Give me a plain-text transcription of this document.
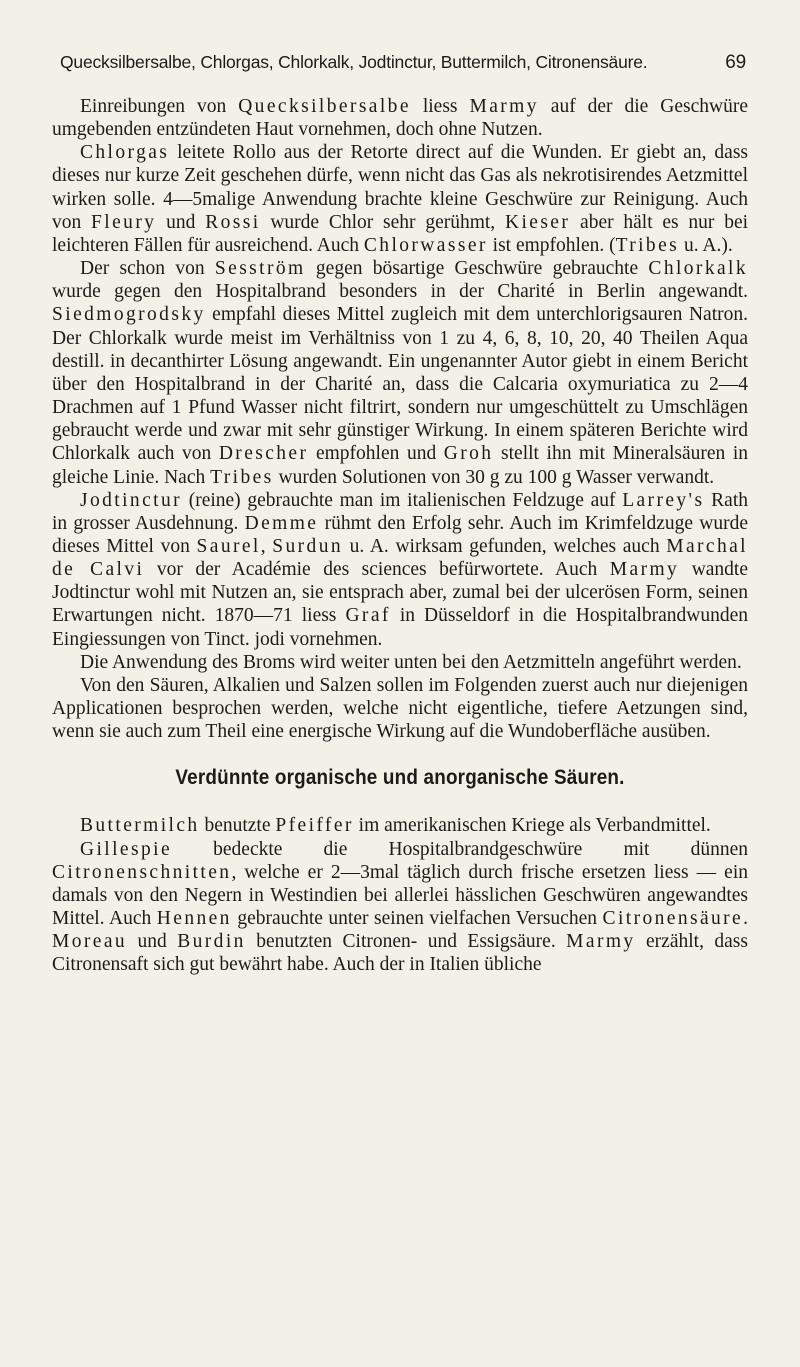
Quecksilbersalbe, Chlorgas, Chlorkalk, Jodtinctur, Buttermilch, Citronensäure.	69

Einreibungen von Quecksilbersalbe liess Marmy auf der die Geschwüre umgebenden entzündeten Haut vornehmen, doch ohne Nutzen.

Chlorgas leitete Rollo aus der Retorte direct auf die Wunden. Er giebt an, dass dieses nur kurze Zeit geschehen dürfe, wenn nicht das Gas als nekrotisirendes Aetzmittel wirken solle. 4—5malige Anwendung brachte kleine Geschwüre zur Reinigung. Auch von Fleury und Rossi wurde Chlor sehr gerühmt, Kieser aber hält es nur bei leichteren Fällen für ausreichend. Auch Chlorwasser ist empfohlen. (Tribes u. A.).

Der schon von Sesström gegen bösartige Geschwüre gebrauchte Chlorkalk wurde gegen den Hospitalbrand besonders in der Charité in Berlin angewandt. Siedmogrodsky empfahl dieses Mittel zugleich mit dem unterchlorigsauren Natron. Der Chlorkalk wurde meist im Verhältniss von 1 zu 4, 6, 8, 10, 20, 40 Theilen Aqua destill. in decanthirter Lösung angewandt. Ein ungenannter Autor giebt in einem Bericht über den Hospitalbrand in der Charité an, dass die Calcaria oxymuriatica zu 2—4 Drachmen auf 1 Pfund Wasser nicht filtrirt, sondern nur umgeschüttelt zu Umschlägen gebraucht werde und zwar mit sehr günstiger Wirkung. In einem späteren Berichte wird Chlorkalk auch von Drescher empfohlen und Groh stellt ihn mit Mineralsäuren in gleiche Linie. Nach Tribes wurden Solutionen von 30 g zu 100 g Wasser verwandt.

Jodtinctur (reine) gebrauchte man im italienischen Feldzuge auf Larrey's Rath in grosser Ausdehnung. Demme rühmt den Erfolg sehr. Auch im Krimfeldzuge wurde dieses Mittel von Saurel, Surdun u. A. wirksam gefunden, welches auch Marchal de Calvi vor der Académie des sciences befürwortete. Auch Marmy wandte Jodtinctur wohl mit Nutzen an, sie entsprach aber, zumal bei der ulcerösen Form, seinen Erwartungen nicht. 1870—71 liess Graf in Düsseldorf in die Hospitalbrandwunden Eingiessungen von Tinct. jodi vornehmen.

Die Anwendung des Broms wird weiter unten bei den Aetzmitteln angeführt werden.

Von den Säuren, Alkalien und Salzen sollen im Folgenden zuerst auch nur diejenigen Applicationen besprochen werden, welche nicht eigentliche, tiefere Aetzungen sind, wenn sie auch zum Theil eine energische Wirkung auf die Wundoberfläche ausüben.

Verdünnte organische und anorganische Säuren.

Buttermilch benutzte Pfeiffer im amerikanischen Kriege als Verbandmittel.

Gillespie bedeckte die Hospitalbrandgeschwüre mit dünnen Citronenschnitten, welche er 2—3mal täglich durch frische ersetzen liess — ein damals von den Negern in Westindien bei allerlei hässlichen Geschwüren angewandtes Mittel. Auch Hennen gebrauchte unter seinen vielfachen Versuchen Citronensäure. Moreau und Burdin benutzten Citronen- und Essigsäure. Marmy erzählt, dass Citronensaft sich gut bewährt habe. Auch der in Italien übliche
